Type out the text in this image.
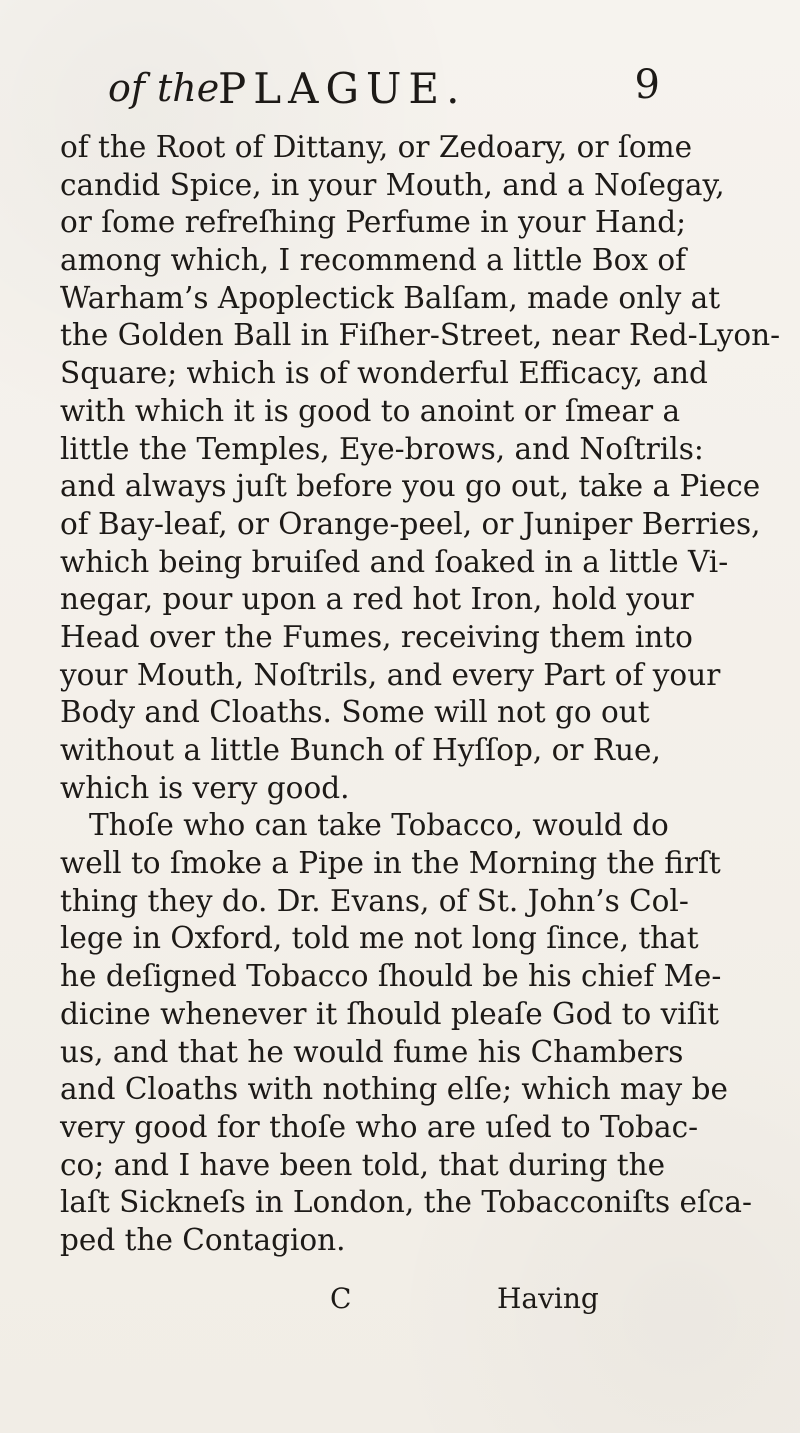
of the
PLAGUE.	9
of the Root of Dittany, or Zedoary, or ſome
candid Spice, in your Mouth, and a Noſegay,
or ſome refreſhing Perfume in your Hand;
among which, I recommend a little Box of
Warham’s Apoplectick Balſam, made only at
the Golden Ball in Fiſher-Street, near Red-Lyon-
Square; which is of wonderful Efficacy, and
with which it is good to anoint or ſmear a
little the Temples, Eye-brows, and Noſtrils:
and always juſt before you go out, take a Piece
of Bay-leaf, or Orange-peel, or Juniper Berries,
which being bruiſed and ſoaked in a little Vi-
negar, pour upon a red hot Iron, hold your
Head over the Fumes, receiving them into
your Mouth, Noſtrils, and every Part of your
Body and Cloaths. Some will not go out
without a little Bunch of Hyſſop, or Rue,
which is very good.
Thoſe who can take Tobacco, would do
well to ſmoke a Pipe in the Morning the firſt
thing they do. Dr. Evans, of St. John’s Col-
lege in Oxford, told me not long ſince, that
he deſigned Tobacco ſhould be his chief Me-
dicine whenever it ſhould pleaſe God to viſit
us, and that he would fume his Chambers
and Cloaths with nothing elſe; which may be
very good for thoſe who are uſed to Tobac-
co; and I have been told, that during the
laſt Sickneſs in London, the Tobacconiſts eſca-
ped the Contagion.
C	Having
